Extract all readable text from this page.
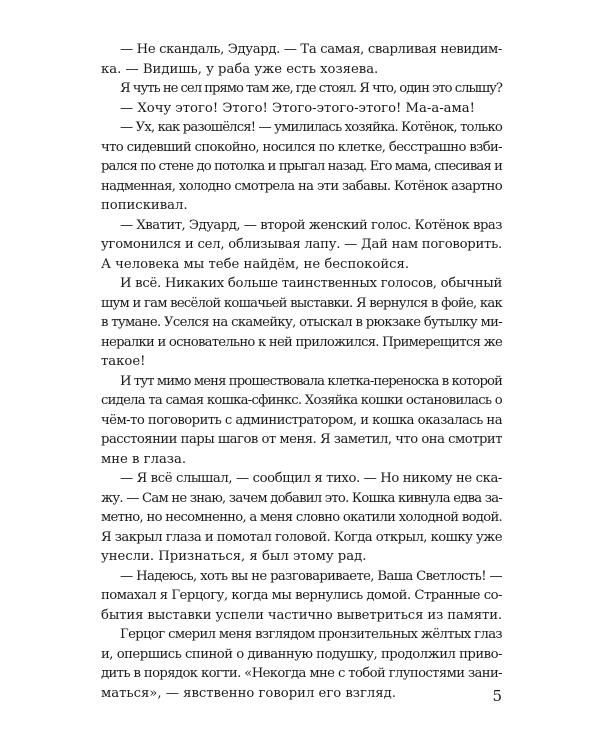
— Не скандаль, Эдуард. — Та самая, сварливая невидим-
ка. — Видишь, у раба уже есть хозяева.
Я чуть не сел прямо там же, где стоял. Я что, один это слышу?
— Хочу этого! Этого! Этого-этого-этого! Ма-а-ама!
— Ух, как разошёлся! — умилилась хозяйка. Котёнок, только
что сидевший спокойно, носился по клетке, бесстрашно взби-
рался по стене до потолка и прыгал назад. Его мама, спесивая и
надменная, холодно смотрела на эти забавы. Котёнок азартно
попискивал.
— Хватит, Эдуард, — второй женский голос. Котёнок враз
угомонился и сел, облизывая лапу. — Дай нам поговорить.
А человека мы тебе найдём, не беспокойся.
И всё. Никаких больше таинственных голосов, обычный
шум и гам весёлой кошачьей выставки. Я вернулся в фойе, как
в тумане. Уселся на скамейку, отыскал в рюкзаке бутылку ми-
нералки и основательно к ней приложился. Примерещится же
такое!
И тут мимо меня прошествовала клетка-переноска в которой
сидела та самая кошка-сфинкс. Хозяйка кошки остановилась о
чём-то поговорить с администратором, и кошка оказалась на
расстоянии пары шагов от меня. Я заметил, что она смотрит
мне в глаза.
— Я всё слышал, — сообщил я тихо. — Но никому не ска-
жу. — Сам не знаю, зачем добавил это. Кошка кивнула едва за-
метно, но несомненно, а меня словно окатили холодной водой.
Я закрыл глаза и помотал головой. Когда открыл, кошку уже
унесли. Признаться, я был этому рад.
— Надеюсь, хоть вы не разговариваете, Ваша Светлость! —
помахал я Герцогу, когда мы вернулись домой. Странные со-
бытия выставки успели частично выветриться из памяти.
Герцог смерил меня взглядом пронзительных жёлтых глаз
и, опершись спиной о диванную подушку, продолжил приво-
дить в порядок когти. «Некогда мне с тобой глупостями зани-
маться», — явственно говорил его взгляд.	5
